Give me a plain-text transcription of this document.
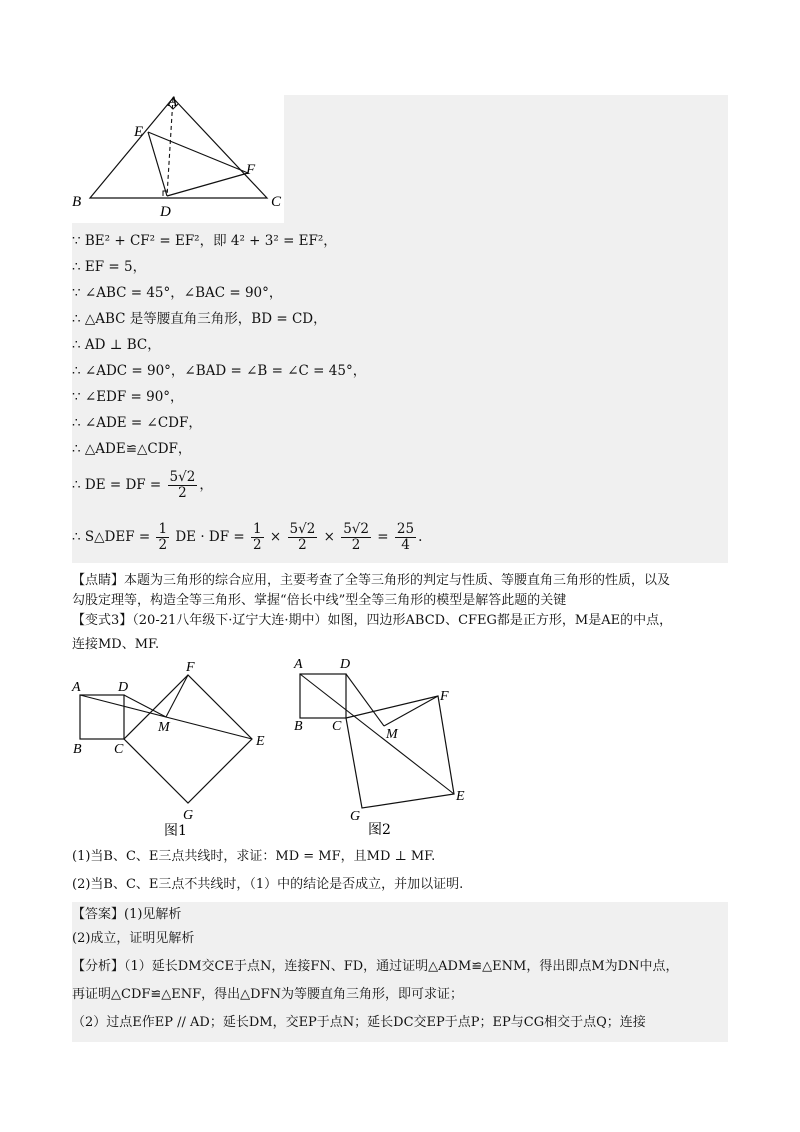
A
E
F
B
D
C
∵ BE² + CF² = EF²，即 4² + 3² = EF²，
∴ EF = 5，
∵ ∠ABC = 45°，∠BAC = 90°，
∴ △ABC 是等腰直角三角形，BD = CD，
∴ AD ⊥ BC，
∴ ∠ADC = 90°，∠BAD = ∠B = ∠C = 45°，
∵ ∠EDF = 90°，
∴ ∠ADE = ∠CDF，
∴ △ADE≌△CDF，
∴ DE = DF = $\frac{5√2}{2}$ ，
∴ S△DEF = $\frac{1}{2}$ DE · DF = $\frac{1}{2} \times \frac{5√2}{2} \times \frac{5√2}{2} = \frac{25}{4}$ .
【点睛】本题为三角形的综合应用，主要考查了全等三角形的判定与性质、等腰直角三角形的性质，以及
勾股定理等，构造全等三角形、掌握“倍长中线”型全等三角形的模型是解答此题的关键
【变式3】（20-21八年级下·辽宁大连·期中）如图，四边形ABCD、CFEG都是正方形，M是AE的中点，
连接MD、MF.
A	D
F
M
B C
E
G
图1
A	D
F
B C
M
E
G
图2
(1)当B、C、E三点共线时，求证：MD = MF，且MD ⊥ MF.
(2)当B、C、E三点不共线时，（1）中的结论是否成立，并加以证明.
【答案】(1)见解析
(2)成立，证明见解析
【分析】（1）延长DM交CE于点N，连接FN、FD，通过证明△ADM≌△ENM，得出即点M为DN中点，
再证明△CDF≌△ENF，得出△DFN为等腰直角三角形，即可求证；
（2）过点E作EP // AD；延长DM，交EP于点N；延长DC交EP于点P；EP与CG相交于点Q；连接
